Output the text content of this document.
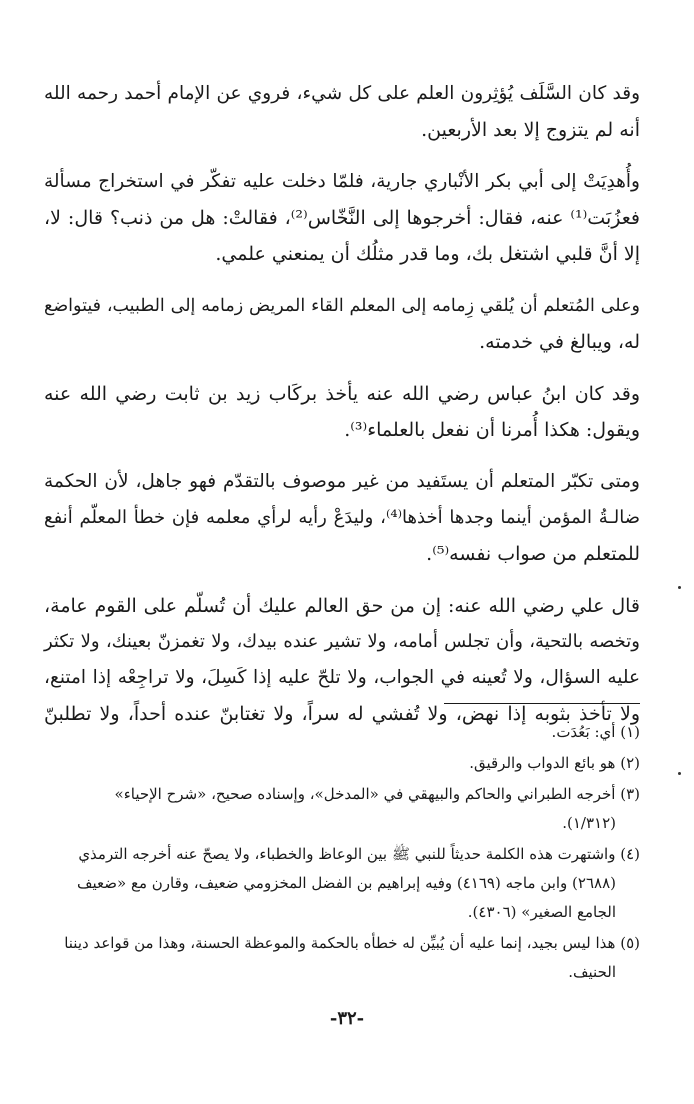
وقد كان السَّلَف يُؤثِرون العلم على كل شيء، فروي عن الإمام أحمد رحمه الله
أنه لم يتزوج إلا بعد الأربعين.

وأُهدِيَتْ إلى أبي بكر الأنْباري جارية، فلمّا دخلت عليه تفكّر في استخراج مسألة
فعزُبَت⁽¹⁾ عنه، فقال: أخرجوها إلى النَّخّاس⁽²⁾، فقالتْ: هل من ذنب؟ قال: لا،
إلا أنَّ قلبي اشتغل بك، وما قدر مثلُك أن يمنعني علمي.

وعلى المُتعلم أن يُلقي زِمامه إلى المعلم القاء المريض زمامه إلى الطبيب، فيتواضع
له، ويبالغ في خدمته.

وقد كان ابنُ عباس رضي الله عنه يأخذ بركَاب زيد بن ثابت رضي الله عنه
ويقول: هكذا أُمرنا أن نفعل بالعلماء⁽³⁾.

ومتى تكبّر المتعلم أن يستَفيد من غير موصوف بالتقدّم فهو جاهل، لأن الحكمة
ضالـةُ المؤمن أينما وجدها أخذها⁽⁴⁾، وليدَعْ رأيه لرأي معلمه فإن خطأ المعلّم أنفع
للمتعلم من صواب نفسه⁽⁵⁾.

قال علي رضي الله عنه: إن من حق العالم عليك أن تُسلّم على القوم عامة،
وتخصه بالتحية، وأن تجلس أمامه، ولا تشير عنده بيدك، ولا تغمزنّ بعينك، ولا تكثر
عليه السؤال، ولا تُعينه في الجواب، ولا تلحّ عليه إذا كَسِلَ، ولا تراجِعْه إذا امتنع،
ولا تأخذ بثوبه إذا نهض، ولا تُفشي له سراً، ولا تغتابنّ عنده أحداً، ولا تطلبنّ

(١) أي: بَعُدَت.

(٢) هو بائع الدواب والرقيق.

(٣) أخرجه الطبراني والحاكم والبيهقي في «المدخل»، وإسناده صحيح، «شرح الإحياء»
(١/٣١٢).

(٤) واشتهرت هذه الكلمة حديثاً للنبي ﷺ بين الوعاظ والخطباء، ولا يصحّ عنه أخرجه الترمذي
(٢٦٨٨) وابن ماجه (٤١٦٩) وفيه إبراهيم بن الفضل المخزومي ضعيف، وقارن مع «ضعيف
الجامع الصغير» (٤٣٠٦).

(٥) هذا ليس بجيد، إنما عليه أن يُبيِّن له خطأه بالحكمة والموعظة الحسنة، وهذا من قواعد ديننا
الحنيف.

-٣٢-
